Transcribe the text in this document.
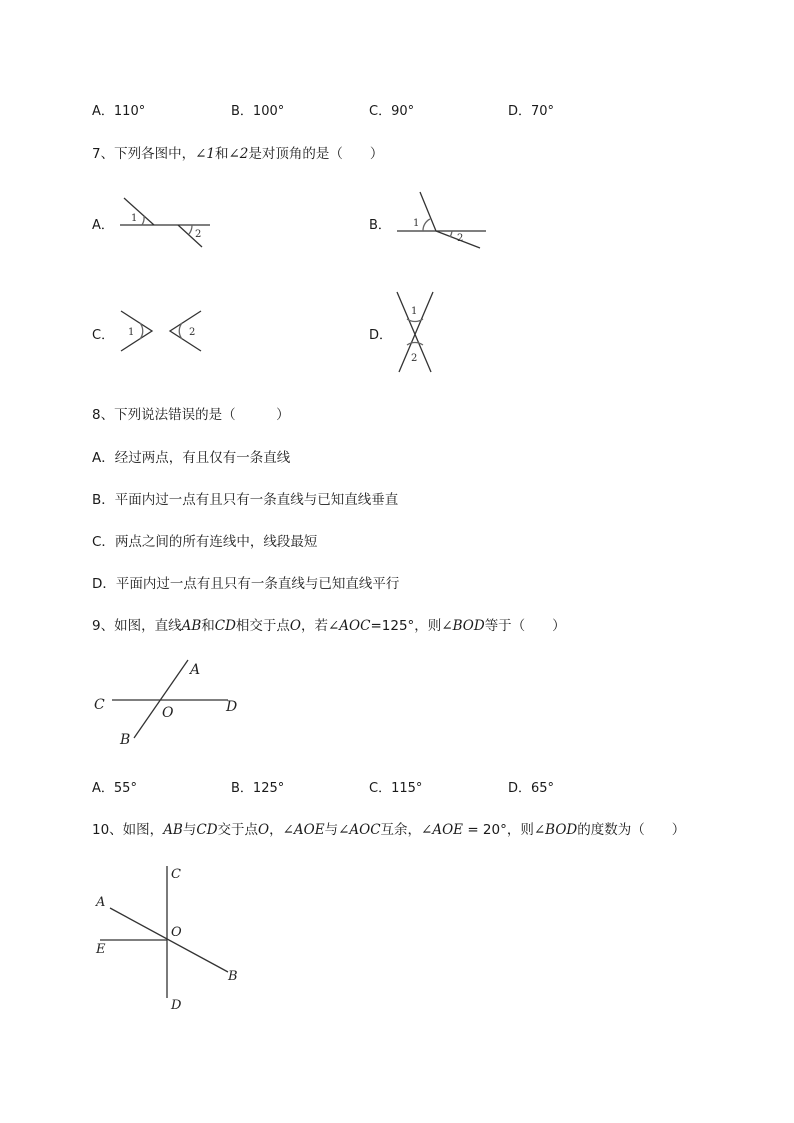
A．110°	B．100°	C．90°	D．70°
7、下列各图中，∠1和∠2是对顶角的是（　　）
A． 1
2
B． 1
2
C． 1	2	D．
1
2
8、下列说法错误的是（　　　）
A．经过两点，有且仅有一条直线
B．平面内过一点有且只有一条直线与已知直线垂直
C．两点之间的所有连线中，线段最短
D．平面内过一点有且只有一条直线与已知直线平行
9、如图，直线AB和CD相交于点O，若∠AOC=125°，则∠BOD等于（　　）
A
C	O	D
B
A．55°	B．125°	C．115°	D．65°
10、如图，AB与CD交于点O，∠AOE与∠AOC互余，∠AOE = 20°，则∠BOD的度数为（　　）
C
A
O
E
B
D
